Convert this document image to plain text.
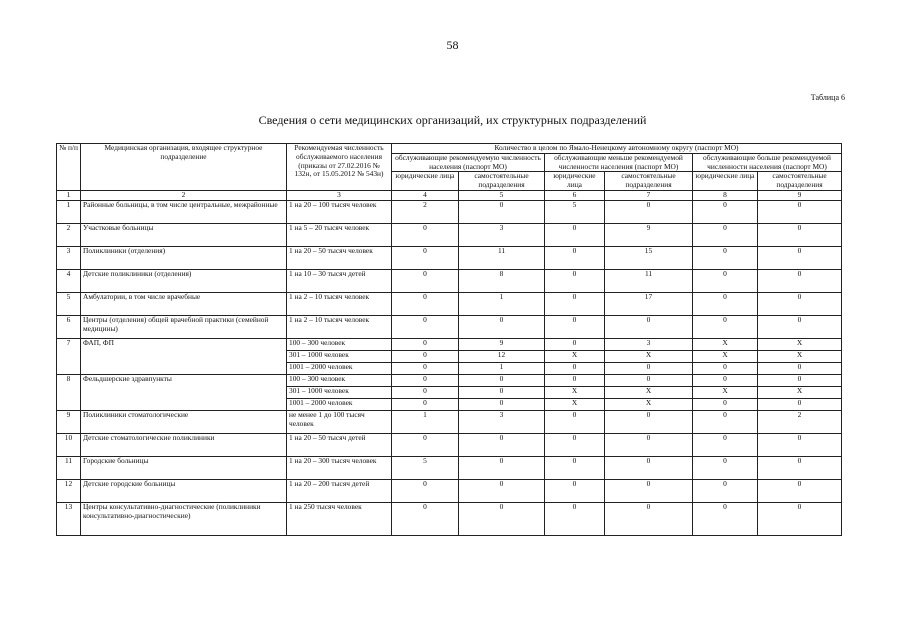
58
Таблица 6
Сведения о сети медицинских организаций, их структурных подразделений
№ п/п	Медицинская организация, входящее структурное подразделение	Рекомендуемая численность обслуживаемого населения (приказы от 27.02.2016 № 132н, от 15.05.2012 № 543н)	Количество в целом по Ямало-Ненецкому автономному округу (паспорт МО)					
			обслуживающие рекомендуемую численность населения (паспорт МО)		обслуживающие меньше рекомендуемой численности населения (паспорт МО)		обслуживающие больше рекомендуемой численности населения (паспорт МО)	
			юридические лица	самостоятельные подразделения	юридические лица	самостоятельные подразделения	юридические лица	самостоятельные подразделения
1	2	3	4	5	6	7	8	9
1	Районные больницы, в том числе центральные, межрайонные	1 на 20 – 100 тысяч человек	2	0	5	0	0	0
2	Участковые больницы	1 на 5 – 20 тысяч человек	0	3	0	9	0	0
3	Поликлиники (отделения)	1 на 20 – 50 тысяч человек	0	11	0	15	0	0
4	Детские поликлиники (отделения)	1 на 10 – 30 тысяч детей	0	8	0	11	0	0
5	Амбулатории, в том числе врачебные	1 на 2 – 10 тысяч человек	0	1	0	17	0	0
6	Центры (отделения) общей врачебной практики (семейной медицины)	1 на 2 – 10 тысяч человек	0	0	0	0	0	0
7	ФАП, ФП	100 – 300 человек	0	9	0	3	Х	Х
		301 – 1000 человек	0	12	Х	Х	Х	Х
		1001 – 2000 человек	0	1	0	0	0	0
8	Фельдшерские здравпункты	100 – 300 человек	0	0	0	0	0	0
		301 – 1000 человек	0	0	Х	Х	Х	Х
		1001 – 2000 человек	0	0	Х	Х	0	0
9	Поликлиники стоматологические	не менее 1 до 100 тысяч человек	1	3	0	0	0	2
10	Детские стоматологические поликлиники	1 на 20 – 50 тысяч детей	0	0	0	0	0	0
11	Городские больницы	1 на 20 – 300 тысяч человек	5	0	0	0	0	0
12	Детские городские больницы	1 на 20 – 200 тысяч детей	0	0	0	0	0	0
13	Центры консультативно-диагностические (поликлиники консультативно-диагностические)	1 на 250 тысяч человек	0	0	0	0	0	0
